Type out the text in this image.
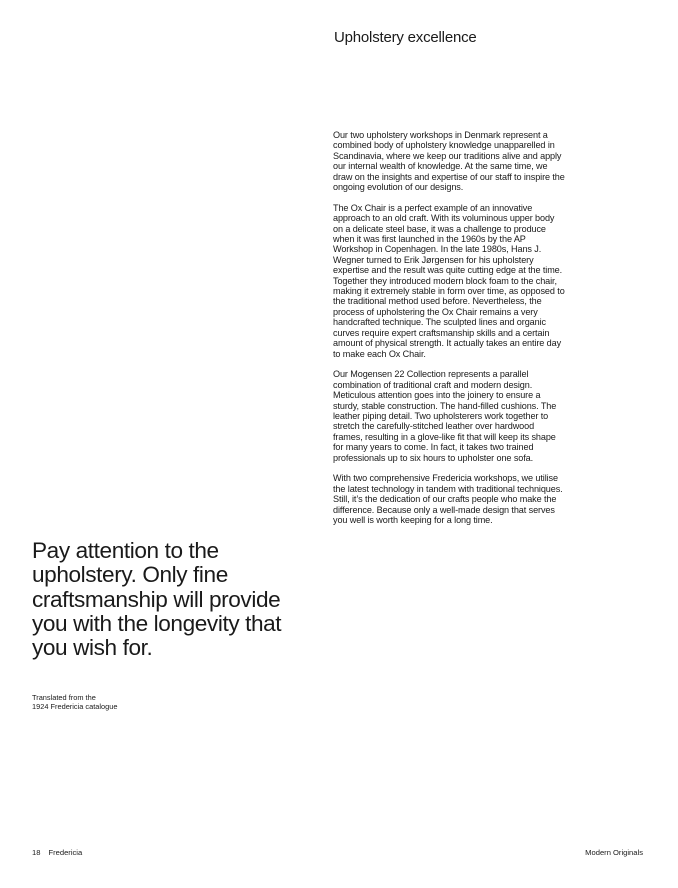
Upholstery excellence

Our two upholstery workshops in Denmark represent a combined body of upholstery knowledge unapparelled in Scandinavia, where we keep our traditions alive and apply our internal wealth of knowledge. At the same time, we draw on the insights and expertise of our staff to inspire the ongoing evolution of our designs.

The Ox Chair is a perfect example of an innovative approach to an old craft. With its voluminous upper body on a delicate steel base, it was a challenge to produce when it was first launched in the 1960s by the AP Workshop in Copenhagen. In the late 1980s, Hans J. Wegner turned to Erik Jørgensen for his upholstery expertise and the result was quite cutting edge at the time. Together they introduced modern block foam to the chair, making it extremely stable in form over time, as opposed to the traditional method used before. Nevertheless, the process of upholstering the Ox Chair remains a very handcrafted technique. The sculpted lines and organic curves require expert craftsmanship skills and a certain amount of physical strength. It actually takes an entire day to make each Ox Chair.

Our Mogensen 22 Collection represents a parallel combination of traditional craft and modern design. Meticulous attention goes into the joinery to ensure a sturdy, stable construction. The hand-filled cushions. The leather piping detail. Two upholsterers work together to stretch the carefully-stitched leather over hardwood frames, resulting in a glove-like fit that will keep its shape for many years to come. In fact, it takes two trained professionals up to six hours to upholster one sofa.

With two comprehensive Fredericia workshops, we utilise the latest technology in tandem with traditional techniques. Still, it’s the dedication of our crafts people who make the difference. Because only a well-made design that serves you well is worth keeping for a long time.

Pay attention to the upholstery. Only fine craftsmanship will provide you with the longevity that you wish for.
Translated from the
1924 Fredericia catalogue
18 Fredericia	Modern Originals
